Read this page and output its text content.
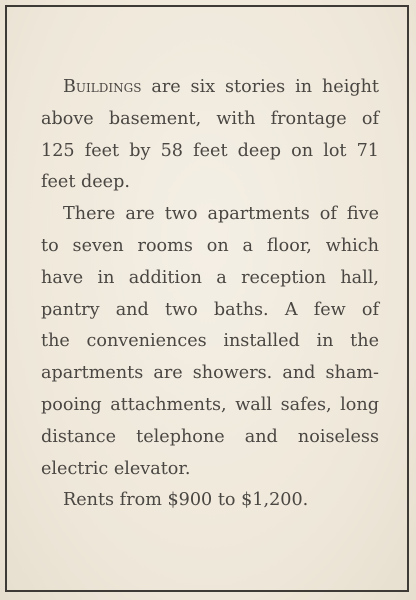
Buildings are six stories in height
above basement, with frontage of
125 feet by 58 feet deep on lot 71
feet deep.

There are two apartments of five
to seven rooms on a floor, which
have in addition a reception hall,
pantry and two baths. A few of
the conveniences installed in the
apartments are showers. and sham-
pooing attachments, wall safes, long
distance telephone and noiseless
electric elevator.

Rents from $900 to $1,200.
